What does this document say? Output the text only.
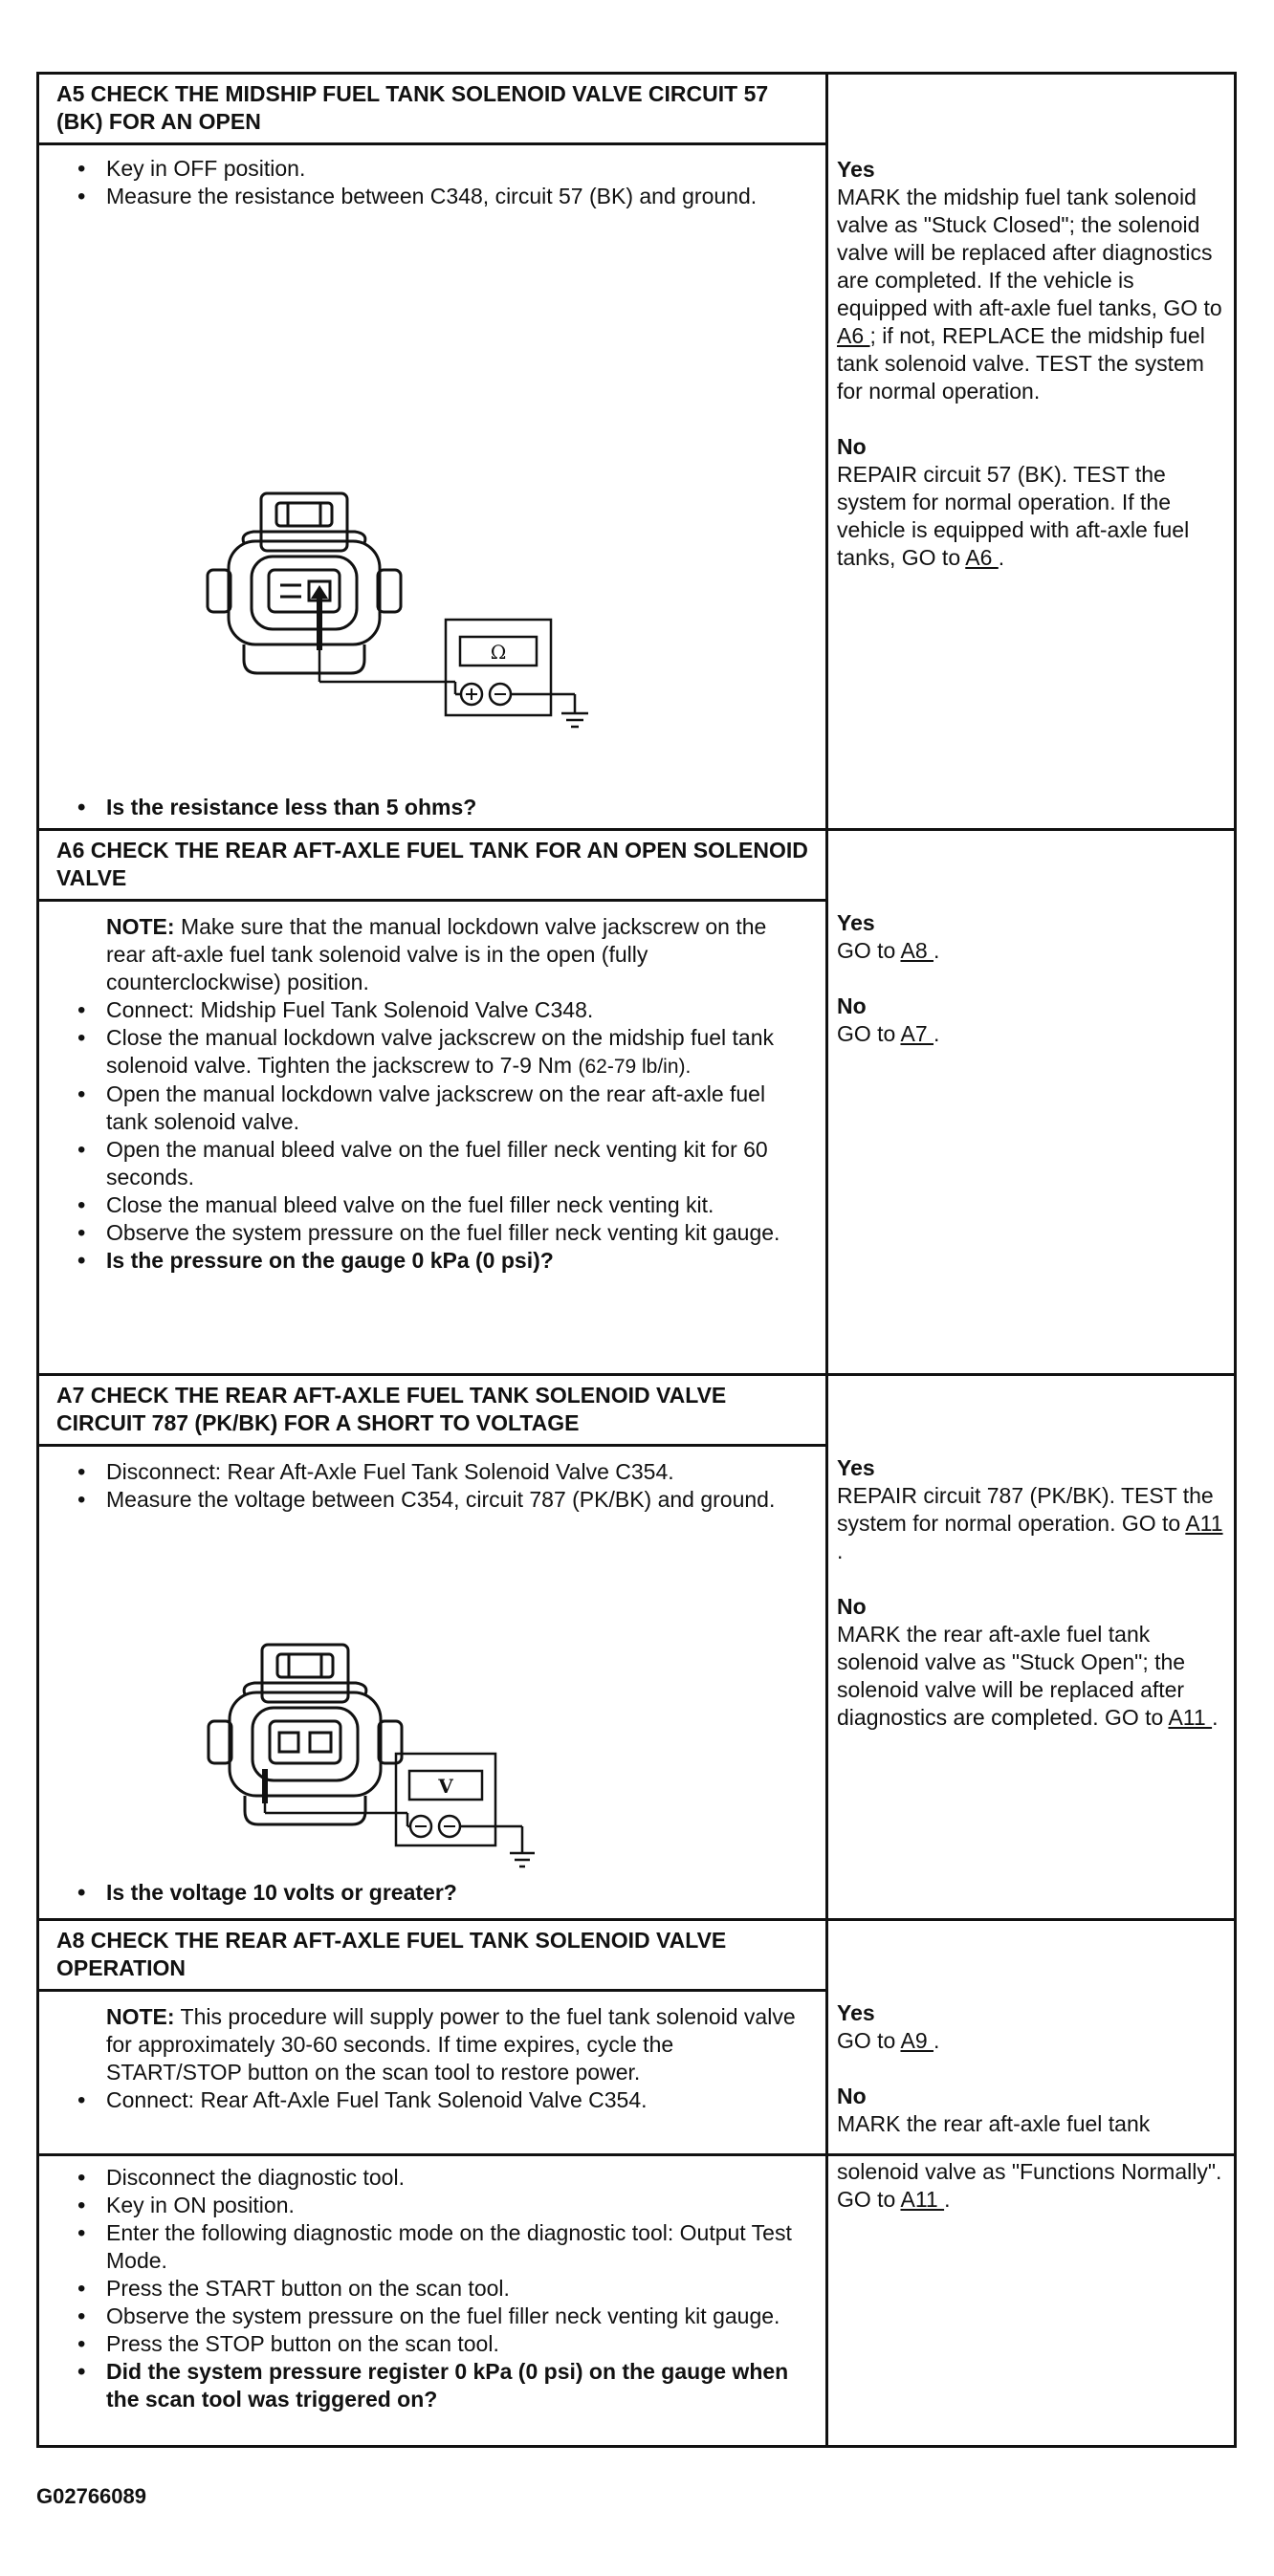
A5 CHECK THE MIDSHIP FUEL TANK SOLENOID VALVE CIRCUIT 57 (BK) FOR AN OPEN
• Key in OFF position.
• Measure the resistance between C348, circuit 57 (BK) and ground.
Ω
• Is the resistance less than 5 ohms?
Yes
MARK the midship fuel tank solenoid valve as "Stuck Closed"; the solenoid valve will be replaced after diagnostics are completed. If the vehicle is equipped with aft-axle fuel tanks, GO to A6 ; if not, REPLACE the midship fuel tank solenoid valve. TEST the system for normal operation.
No
REPAIR circuit 57 (BK). TEST the system for normal operation. If the vehicle is equipped with aft-axle fuel tanks, GO to A6 .
A6 CHECK THE REAR AFT-AXLE FUEL TANK FOR AN OPEN SOLENOID VALVE
NOTE: Make sure that the manual lockdown valve jackscrew on the rear aft-axle fuel tank solenoid valve is in the open (fully counterclockwise) position.
• Connect: Midship Fuel Tank Solenoid Valve C348.
• Close the manual lockdown valve jackscrew on the midship fuel tank solenoid valve. Tighten the jackscrew to 7-9 Nm (62-79 lb/in).
• Open the manual lockdown valve jackscrew on the rear aft-axle fuel tank solenoid valve.
• Open the manual bleed valve on the fuel filler neck venting kit for 60 seconds.
• Close the manual bleed valve on the fuel filler neck venting kit.
• Observe the system pressure on the fuel filler neck venting kit gauge.
• Is the pressure on the gauge 0 kPa (0 psi)?
Yes
GO to A8 .
No
GO to A7 .
A7 CHECK THE REAR AFT-AXLE FUEL TANK SOLENOID VALVE CIRCUIT 787 (PK/BK) FOR A SHORT TO VOLTAGE
• Disconnect: Rear Aft-Axle Fuel Tank Solenoid Valve C354.
• Measure the voltage between C354, circuit 787 (PK/BK) and ground.
V
• Is the voltage 10 volts or greater?
Yes
REPAIR circuit 787 (PK/BK). TEST the system for normal operation. GO to A11 .
No
MARK the rear aft-axle fuel tank solenoid valve as "Stuck Open"; the solenoid valve will be replaced after diagnostics are completed. GO to A11 .
A8 CHECK THE REAR AFT-AXLE FUEL TANK SOLENOID VALVE OPERATION
NOTE: This procedure will supply power to the fuel tank solenoid valve for approximately 30-60 seconds. If time expires, cycle the START/STOP button on the scan tool to restore power.
• Connect: Rear Aft-Axle Fuel Tank Solenoid Valve C354.
Yes
GO to A9 .
No
MARK the rear aft-axle fuel tank
• Disconnect the diagnostic tool.
• Key in ON position.
• Enter the following diagnostic mode on the diagnostic tool: Output Test Mode.
• Press the START button on the scan tool.
• Observe the system pressure on the fuel filler neck venting kit gauge.
• Press the STOP button on the scan tool.
• Did the system pressure register 0 kPa (0 psi) on the gauge when the scan tool was triggered on?
solenoid valve as "Functions Normally". GO to A11 .
G02766089
